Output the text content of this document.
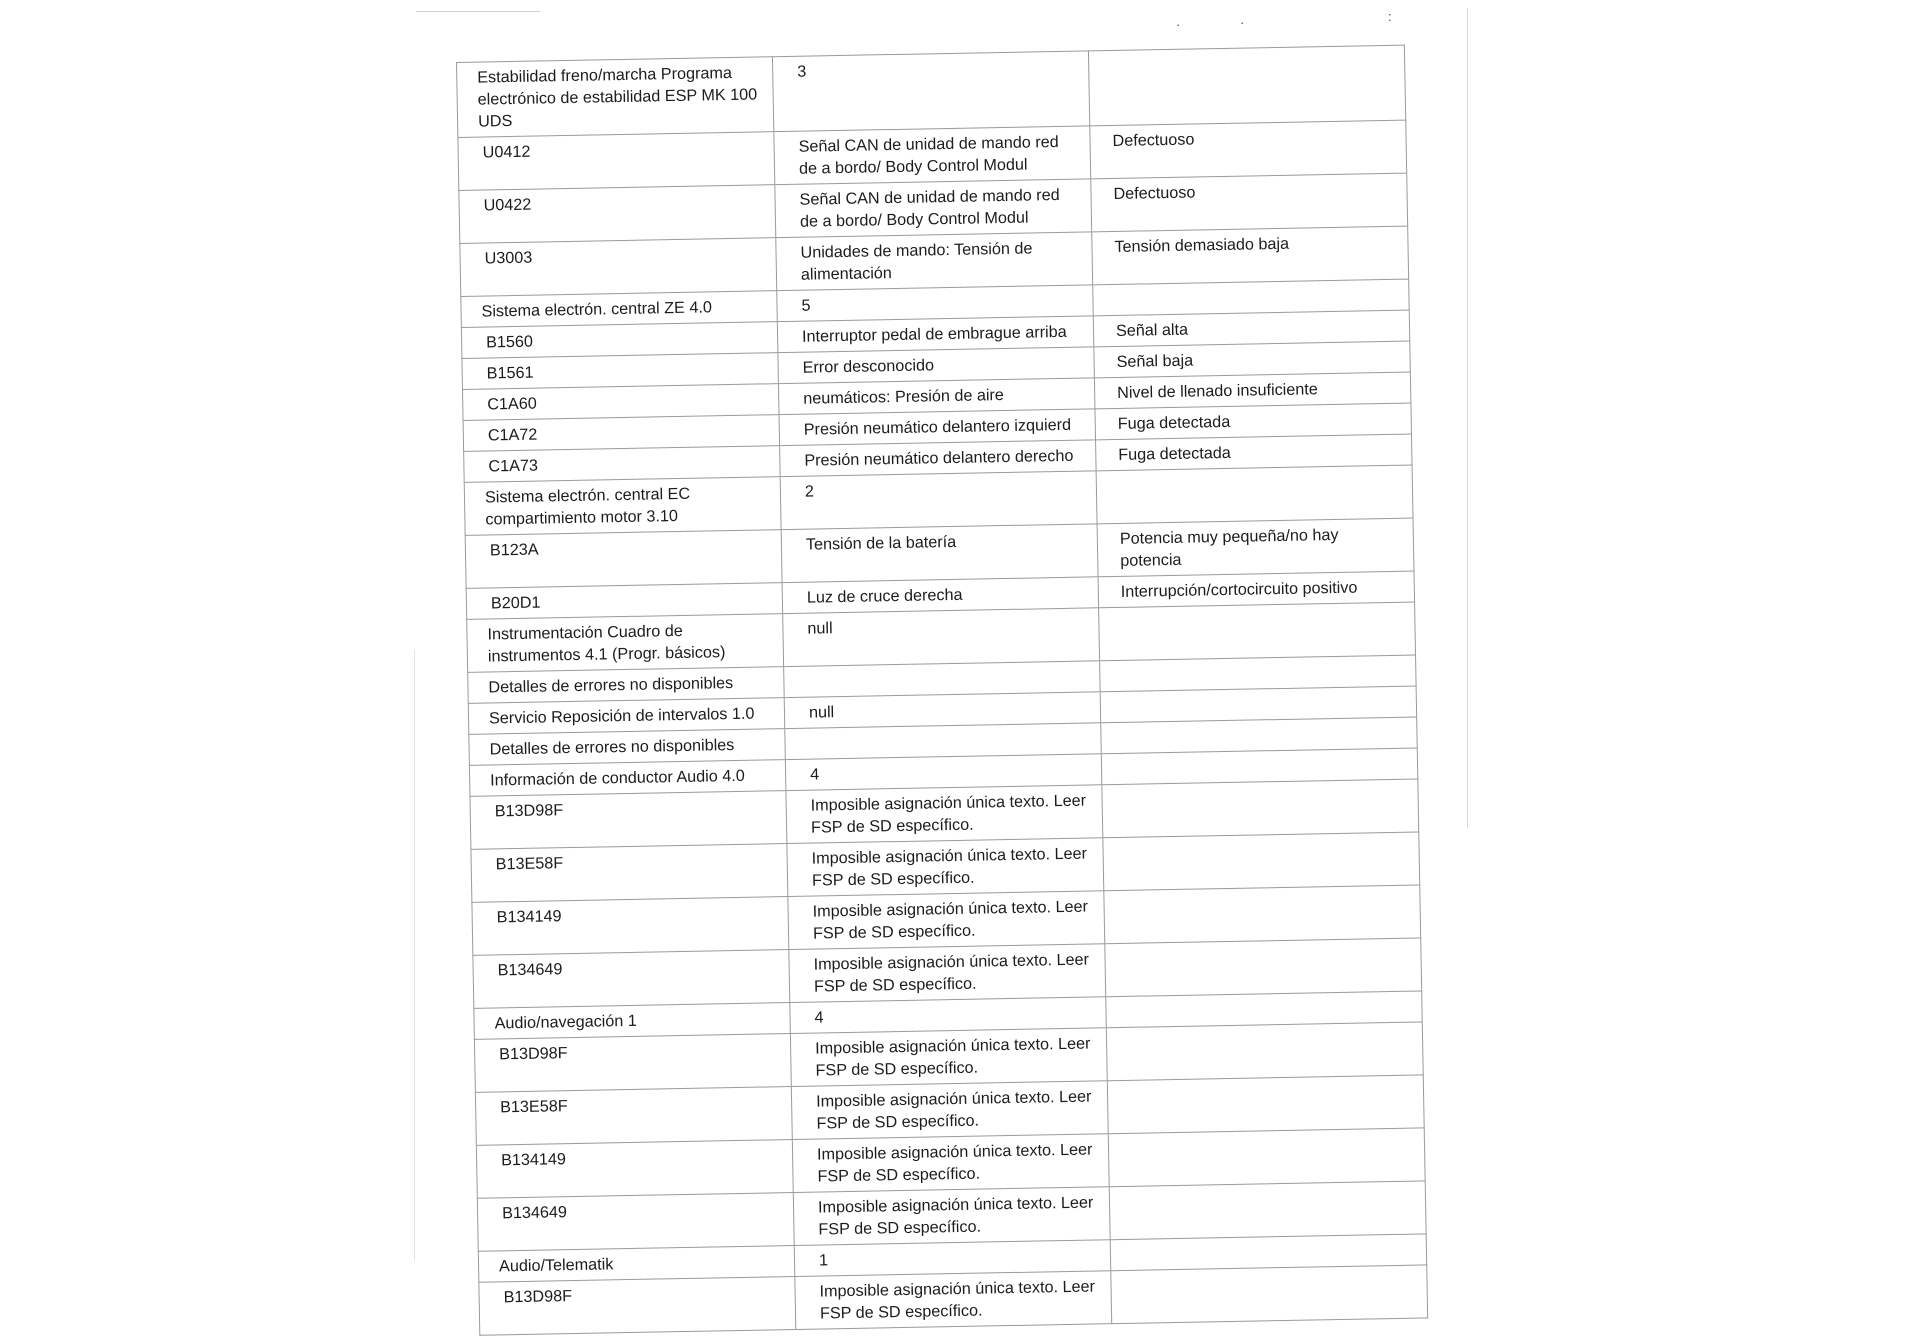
·	·	:
Estabilidad freno/marcha Programa electrónico de estabilidad ESP MK 100 UDS	3	
U0412	Señal CAN de unidad de mando red de a bordo/ Body Control Modul	Defectuoso
U0422	Señal CAN de unidad de mando red de a bordo/ Body Control Modul	Defectuoso
U3003	Unidades de mando: Tensión de alimentación	Tensión demasiado baja
Sistema electrón. central ZE 4.0	5	
B1560	Interruptor pedal de embrague arriba	Señal alta
B1561	Error desconocido	Señal baja
C1A60	neumáticos: Presión de aire	Nivel de llenado insuficiente
C1A72	Presión neumático delantero izquierd	Fuga detectada
C1A73	Presión neumático delantero derecho	Fuga detectada
Sistema electrón. central EC compartimiento motor 3.10	2	
B123A	Tensión de la batería	Potencia muy pequeña/no hay potencia
B20D1	Luz de cruce derecha	Interrupción/cortocircuito positivo
Instrumentación Cuadro de instrumentos 4.1 (Progr. básicos)	null	
Detalles de errores no disponibles		
Servicio Reposición de intervalos 1.0	null	
Detalles de errores no disponibles		
Información de conductor Audio 4.0	4	
B13D98F	Imposible asignación única texto. Leer FSP de SD específico.	
B13E58F	Imposible asignación única texto. Leer FSP de SD específico.	
B134149	Imposible asignación única texto. Leer FSP de SD específico.	
B134649	Imposible asignación única texto. Leer FSP de SD específico.	
Audio/navegación 1	4	
B13D98F	Imposible asignación única texto. Leer FSP de SD específico.	
B13E58F	Imposible asignación única texto. Leer FSP de SD específico.	
B134149	Imposible asignación única texto. Leer FSP de SD específico.	
B134649	Imposible asignación única texto. Leer FSP de SD específico.	
Audio/Telematik	1	
B13D98F	Imposible asignación única texto. Leer FSP de SD específico.	
